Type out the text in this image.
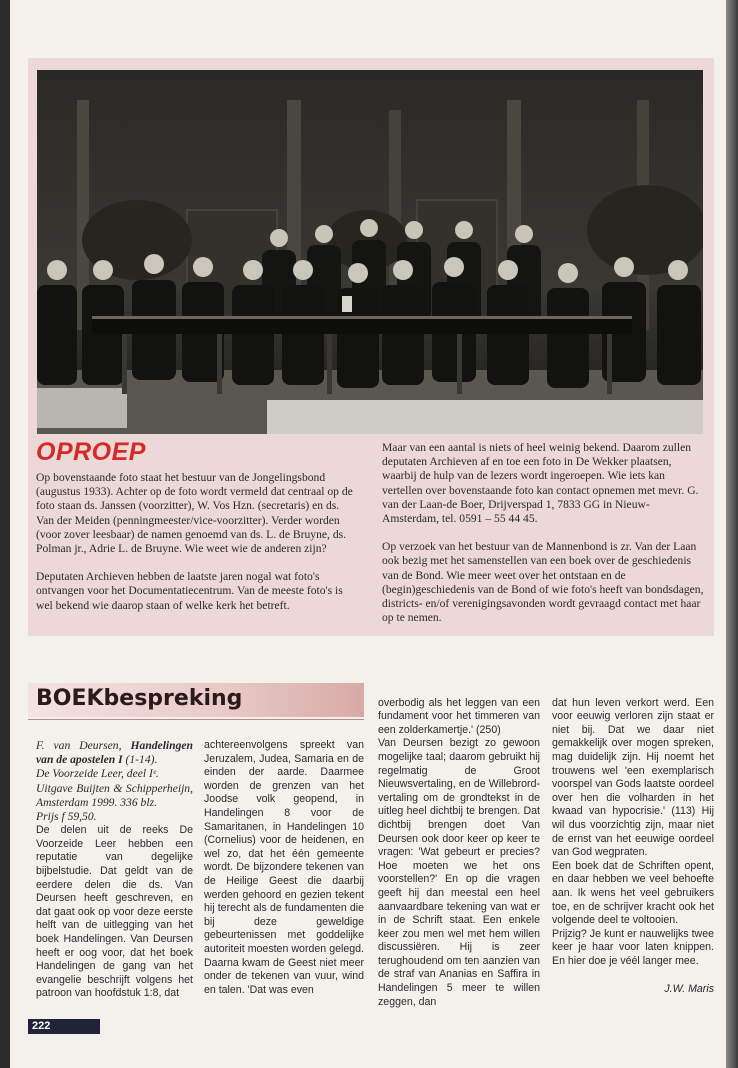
OPROEP

Op bovenstaande foto staat het bestuur van de Jongelingsbond (augustus 1933). Achter op de foto wordt vermeld dat centraal op de foto staan ds. Janssen (voorzitter), W. Vos Hzn. (secretaris) en ds. Van der Meiden (penningmeester/vice-voorzitter). Verder worden (voor zover leesbaar) de namen genoemd van ds. L. de Bruyne, ds. Polman jr., Adrie L. de Bruyne. Wie weet wie de anderen zijn?

Deputaten Archieven hebben de laatste jaren nogal wat foto's ontvangen voor het Documentatiecentrum. Van de meeste foto's is wel bekend wie daarop staan of welke kerk het betreft.

Maar van een aantal is niets of heel weinig bekend. Daarom zullen deputaten Archieven af en toe een foto in De Wekker plaatsen, waarbij de hulp van de lezers wordt ingeroepen. Wie iets kan vertellen over bovenstaande foto kan contact opnemen met mevr. G. van der Laan-de Boer, Drijverspad 1, 7833 GG in Nieuw-Amsterdam, tel. 0591 – 55 44 45.

Op verzoek van het bestuur van de Mannenbond is zr. Van der Laan ook bezig met het samenstellen van een boek over de geschiedenis van de Bond. Wie meer weet over het ontstaan en de (begin)geschiedenis van de Bond of wie foto's heeft van bondsdagen, districts- en/of verenigingsavonden wordt gevraagd contact met haar op te nemen.

BOEKbespreking

F. van Deursen, Handelingen van de apostelen I (1-14).
De Voorzeide Leer, deel Iᵉ.
Uitgave Buijten & Schipperheijn, Amsterdam 1999. 336 blz.
Prijs f 59,50.

De delen uit de reeks De Voorzeide Leer hebben een reputatie van degelijke bijbelstudie. Dat geldt van de eerdere delen die ds. Van Deursen heeft geschreven, en dat gaat ook op voor deze eerste helft van de uitlegging van het boek Handelingen. Van Deursen heeft er oog voor, dat het boek Handelingen de gang van het evangelie beschrijft volgens het patroon van hoofdstuk 1:8, dat

achtereenvolgens spreekt van Jeruzalem, Judea, Samaria en de einden der aarde. Daarmee worden de grenzen van het Joodse volk geopend, in Handelingen 8 voor de Samaritanen, in Handelingen 10 (Cornelius) voor de heidenen, en wel zo, dat het één gemeente wordt. De bijzondere tekenen van de Heilige Geest die daarbij werden gehoord en gezien tekent hij terecht als de fundamenten die bij deze geweldige gebeurtenissen met goddelijke autoriteit moesten worden gelegd. Daarna kwam de Geest niet meer onder de tekenen van vuur, wind en talen. 'Dat was even

overbodig als het leggen van een fundament voor het timmeren van een zolderkamertje.' (250)
Van Deursen bezigt zo gewoon mogelijke taal; daarom gebruikt hij regelmatig de Groot Nieuwsvertaling, en de Willebrord-vertaling om de grondtekst in de uitleg heel dichtbij te brengen. Dat dichtbij brengen doet Van Deursen ook door keer op keer te vragen: 'Wat gebeurt er precies? Hoe moeten we het ons voorstellen?' En op die vragen geeft hij dan meestal een heel aanvaardbare tekening van wat er in de Schrift staat. Een enkele keer zou men wel met hem willen discussiëren. Hij is zeer terughoudend om ten aanzien van de straf van Ananias en Saffira in Handelingen 5 meer te willen zeggen, dan

dat hun leven verkort werd. Een voor eeuwig verloren zijn staat er niet bij. Dat we daar niet gemakkelijk over mogen spreken, mag duidelijk zijn. Hij noemt het trouwens wel 'een exemplarisch voorspel van Gods laatste oordeel over hen die volharden in het kwaad van hypocrisie.' (113) Hij wil dus voorzichtig zijn, maar niet de ernst van het eeuwige oordeel van God wegpraten.
Een boek dat de Schriften opent, en daar hebben we veel behoefte aan. Ik wens het veel gebruikers toe, en de schrijver kracht ook het volgende deel te voltooien.
Prijzig? Je kunt er nauwelijks twee keer je haar voor laten knippen. En hier doe je véél langer mee.

J.W. Maris
222
